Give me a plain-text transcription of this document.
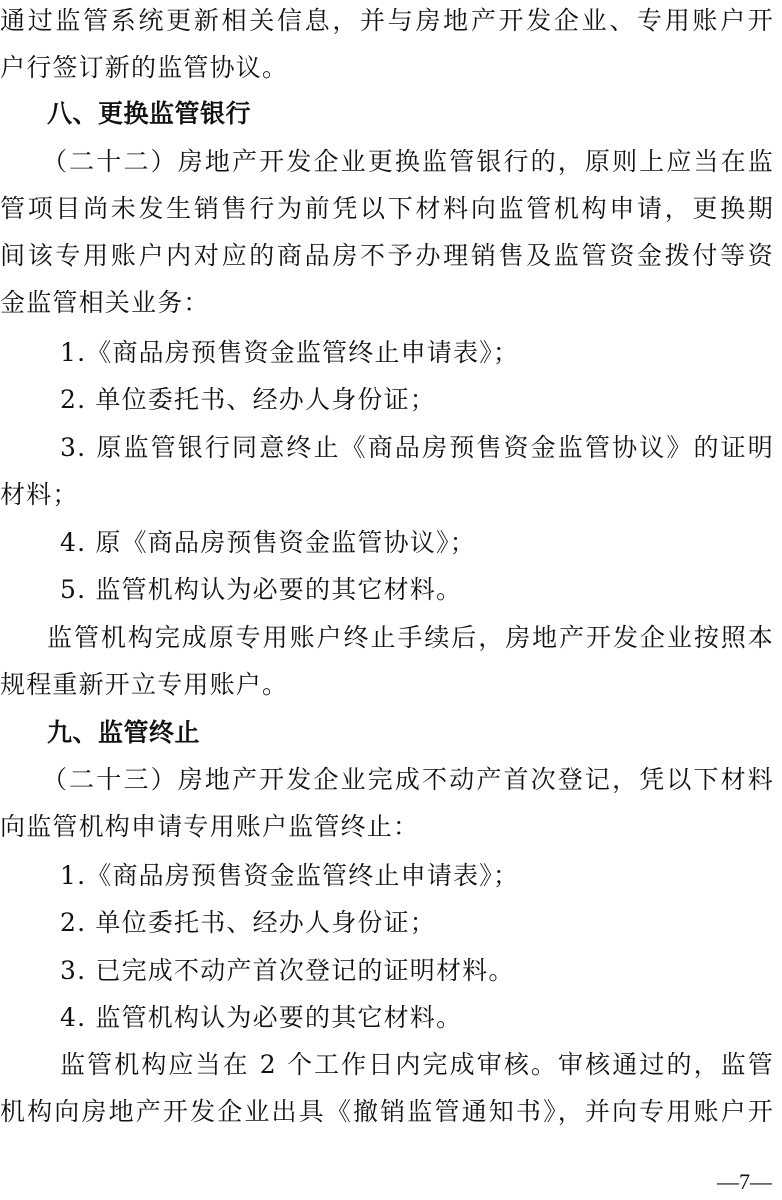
通过监管系统更新相关信息，并与房地产开发企业、专用账户开
户行签订新的监管协议。
八、更换监管银行
（二十二）房地产开发企业更换监管银行的，原则上应当在监
管项目尚未发生销售行为前凭以下材料向监管机构申请，更换期
间该专用账户内对应的商品房不予办理销售及监管资金拨付等资
金监管相关业务：
1.《商品房预售资金监管终止申请表》；
2. 单位委托书、经办人身份证；
3. 原监管银行同意终止《商品房预售资金监管协议》的证明
材料；
4. 原《商品房预售资金监管协议》；
5. 监管机构认为必要的其它材料。
监管机构完成原专用账户终止手续后，房地产开发企业按照本
规程重新开立专用账户。
九、监管终止
（二十三）房地产开发企业完成不动产首次登记，凭以下材料
向监管机构申请专用账户监管终止：
1.《商品房预售资金监管终止申请表》；
2. 单位委托书、经办人身份证；
3. 已完成不动产首次登记的证明材料。
4. 监管机构认为必要的其它材料。
监管机构应当在 2 个工作日内完成审核。审核通过的，监管
机构向房地产开发企业出具《撤销监管通知书》，并向专用账户开
—7—
